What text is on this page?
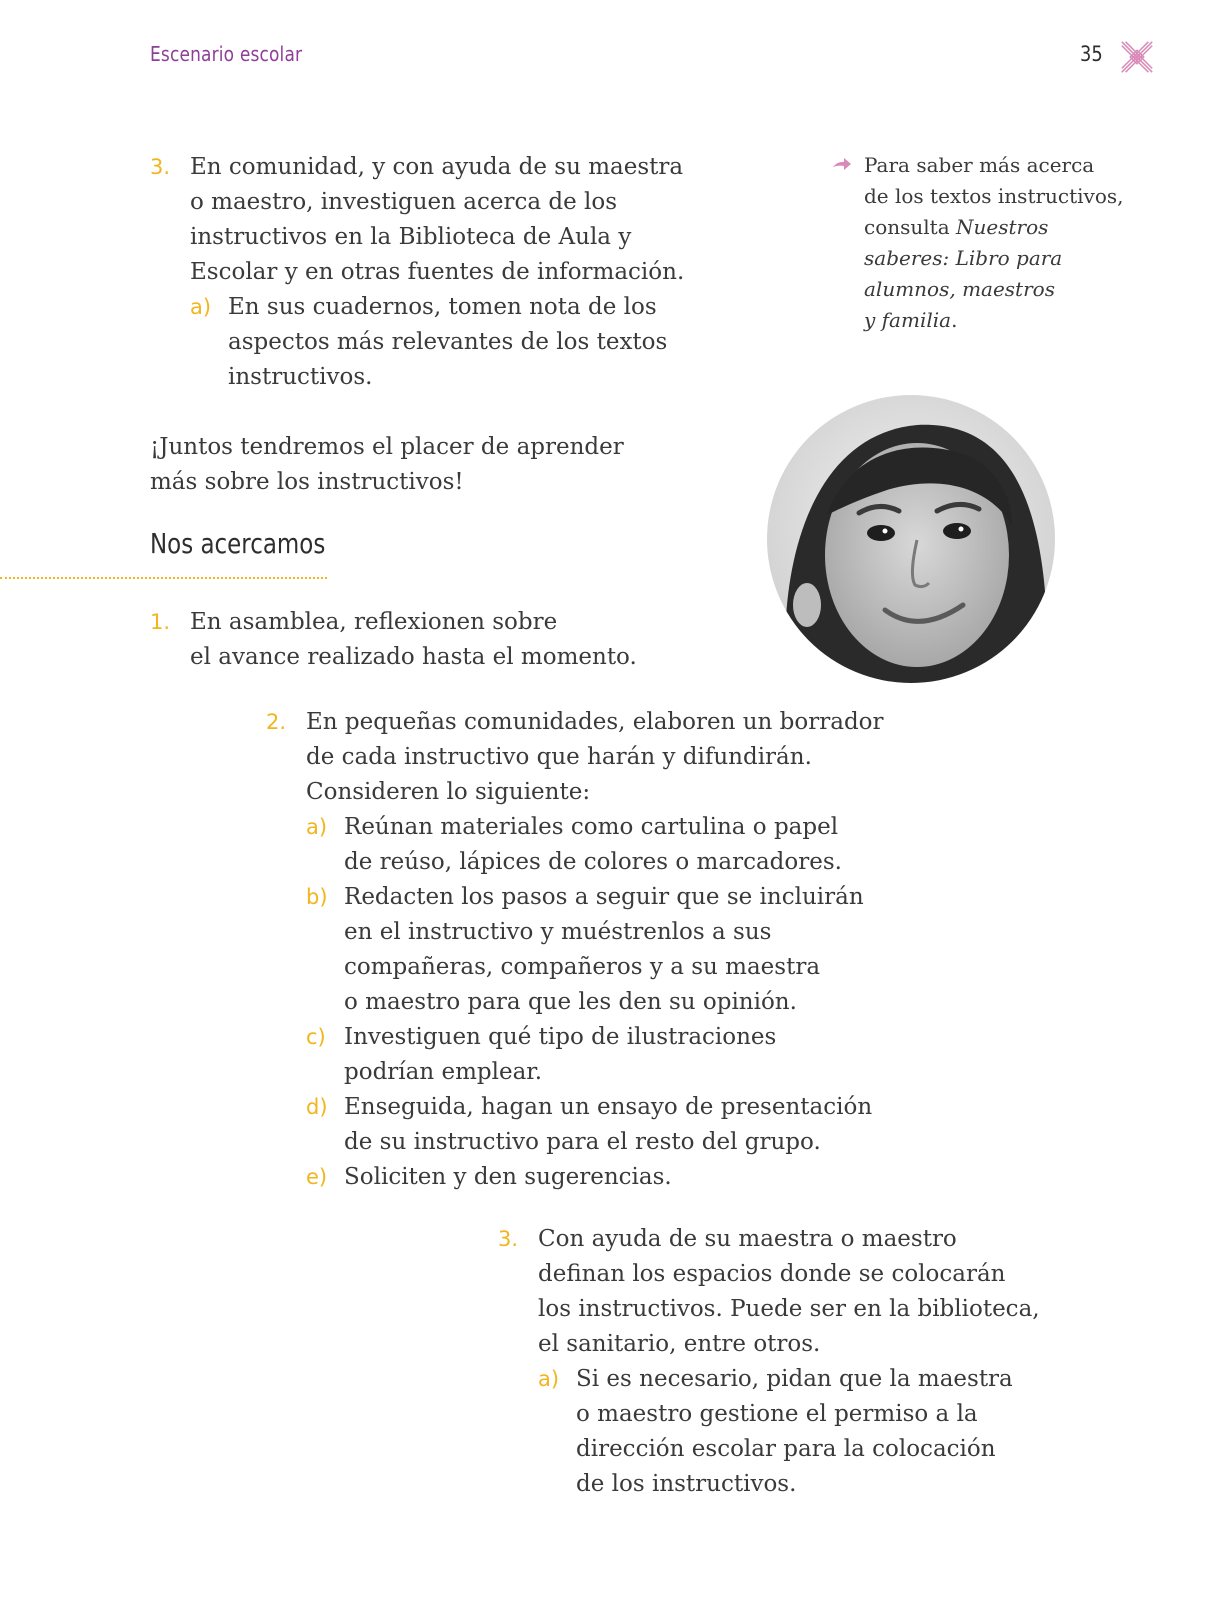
Escenario escolar	35
3. En comunidad, y con ayuda de su maestra
o maestro, investiguen acerca de los
instructivos en la Biblioteca de Aula y
Escolar y en otras fuentes de información.
a) En sus cuadernos, tomen nota de los
aspectos más relevantes de los textos
instructivos.
Para saber más acerca
de los textos instructivos,
consulta Nuestros
saberes: Libro para
alumnos, maestros
y familia.
¡Juntos tendremos el placer de aprender
más sobre los instructivos!
Nos acercamos
1. En asamblea, reflexionen sobre
el avance realizado hasta el momento.
2. En pequeñas comunidades, elaboren un borrador
de cada instructivo que harán y difundirán.
Consideren lo siguiente:
a) Reúnan materiales como cartulina o papel
de reúso, lápices de colores o marcadores.
b) Redacten los pasos a seguir que se incluirán
en el instructivo y muéstrenlos a sus
compañeras, compañeros y a su maestra
o maestro para que les den su opinión.
c) Investiguen qué tipo de ilustraciones
podrían emplear.
d) Enseguida, hagan un ensayo de presentación
de su instructivo para el resto del grupo.
e) Soliciten y den sugerencias.
3. Con ayuda de su maestra o maestro
definan los espacios donde se colocarán
los instructivos. Puede ser en la biblioteca,
el sanitario, entre otros.
a) Si es necesario, pidan que la maestra
o maestro gestione el permiso a la
dirección escolar para la colocación
de los instructivos.
